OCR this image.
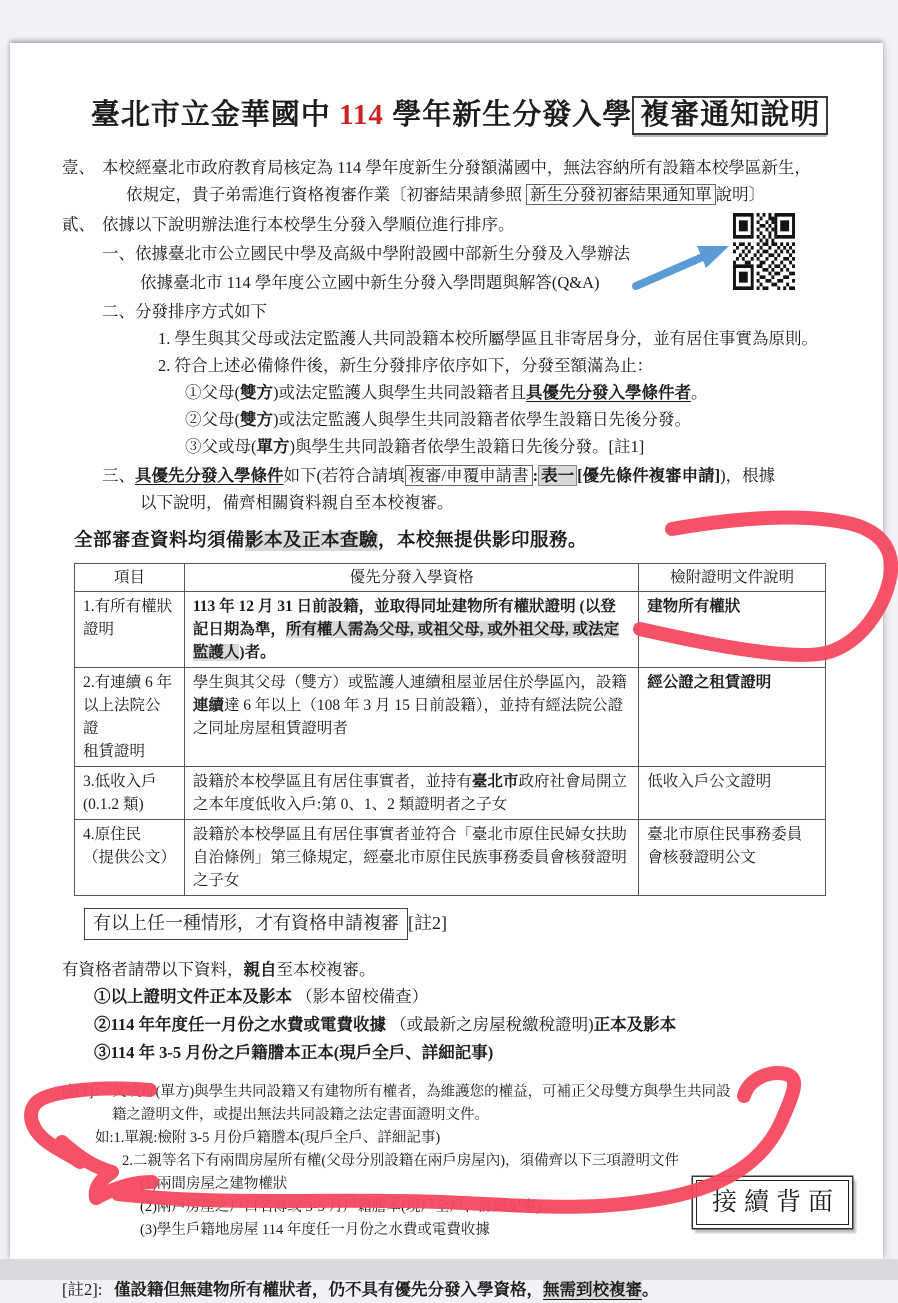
臺北市立金華國中 114 學年新生分發入學 複審通知說明
壹、 本校經臺北市政府教育局核定為 114 學年度新生分發額滿國中，無法容納所有設籍本校學區新生，
依規定，貴子弟需進行資格複審作業〔初審結果請參照 新生分發初審結果通知單 說明〕
貳、 依據以下說明辦法進行本校學生分發入學順位進行排序。
一、依據臺北市公立國民中學及高級中學附設國中部新生分發及入學辦法
依據臺北市 114 學年度公立國中新生分發入學問題與解答(Q&A)
二、分發排序方式如下
1. 學生與其父母或法定監護人共同設籍本校所屬學區且非寄居身分，並有居住事實為原則。
2. 符合上述必備條件後，新生分發排序依序如下，分發至額滿為止：
①父母(雙方)或法定監護人與學生共同設籍者且具優先分發入學條件者。
②父母(雙方)或法定監護人與學生共同設籍者依學生設籍日先後分發。
③父或母(單方)與學生共同設籍者依學生設籍日先後分發。[註1]
三、具優先分發入學條件如下(若符合請填 複審/申覆申請書 : 表一 [優先條件複審申請])，根據
以下說明，備齊相關資料親自至本校複審。
全部審查資料均須備影本及正本查驗，本校無提供影印服務。
項目	優先分發入學資格	檢附證明文件說明

1.有所有權狀
證明	113 年 12 月 31 日前設籍，並取得同址建物所有權狀證明 (以登記日期為準，所有權人需為父母, 或祖父母, 或外祖父母, 或法定監護人)者。	建物所有權狀

2.有連續 6 年
以上法院公證
租賃證明	學生與其父母（雙方）或監護人連續租屋並居住於學區內，設籍連續達 6 年以上（108 年 3 月 15 日前設籍），並持有經法院公證之同址房屋租賃證明者	經公證之租賃證明

3.低收入戶
(0.1.2 類)	設籍於本校學區且有居住事實者，並持有臺北市政府社會局開立之本年度低收入戶:第 0、1、2 類證明者之子女	低收入戶公文證明

4.原住民
（提供公文）	設籍於本校學區且有居住事實者並符合「臺北市原住民婦女扶助自治條例」第三條規定，經臺北市原住民族事務委員會核發證明之子女	臺北市原住民事務委員會核發證明公文
有以上任一種情形，才有資格申請複審 [註2]
有資格者請帶以下資料，親自至本校複審。
①以上證明文件正本及影本 （影本留校備查）
②114 年年度任一月份之水費或電費收據 （或最新之房屋稅繳稅證明)正本及影本
③114 年 3-5 月份之戶籍謄本正本(現戶全戶、詳細記事)
[註1]： 父或母(單方)與學生共同設籍又有建物所有權者，為維護您的權益，可補正父母雙方與學生共同設
籍之證明文件，或提出無法共同設籍之法定書面證明文件。
如:1.單親:檢附 3-5 月份戶籍謄本(現戶全戶、詳細記事)
2.二親等名下有兩間房屋所有權(父母分別設籍在兩戶房屋內)，須備齊以下三項證明文件
(1)兩間房屋之建物權狀
(2)兩戶房屋之戶口名簿或 3-5 月戶籍謄本(現戶全戶、詳細記事)
(3)學生戶籍地房屋 114 年度任一月份之水費或電費收據
[註2]: 僅設籍但無建物所有權狀者，仍不具有優先分發入學資格，無需到校複審。
接續背面
